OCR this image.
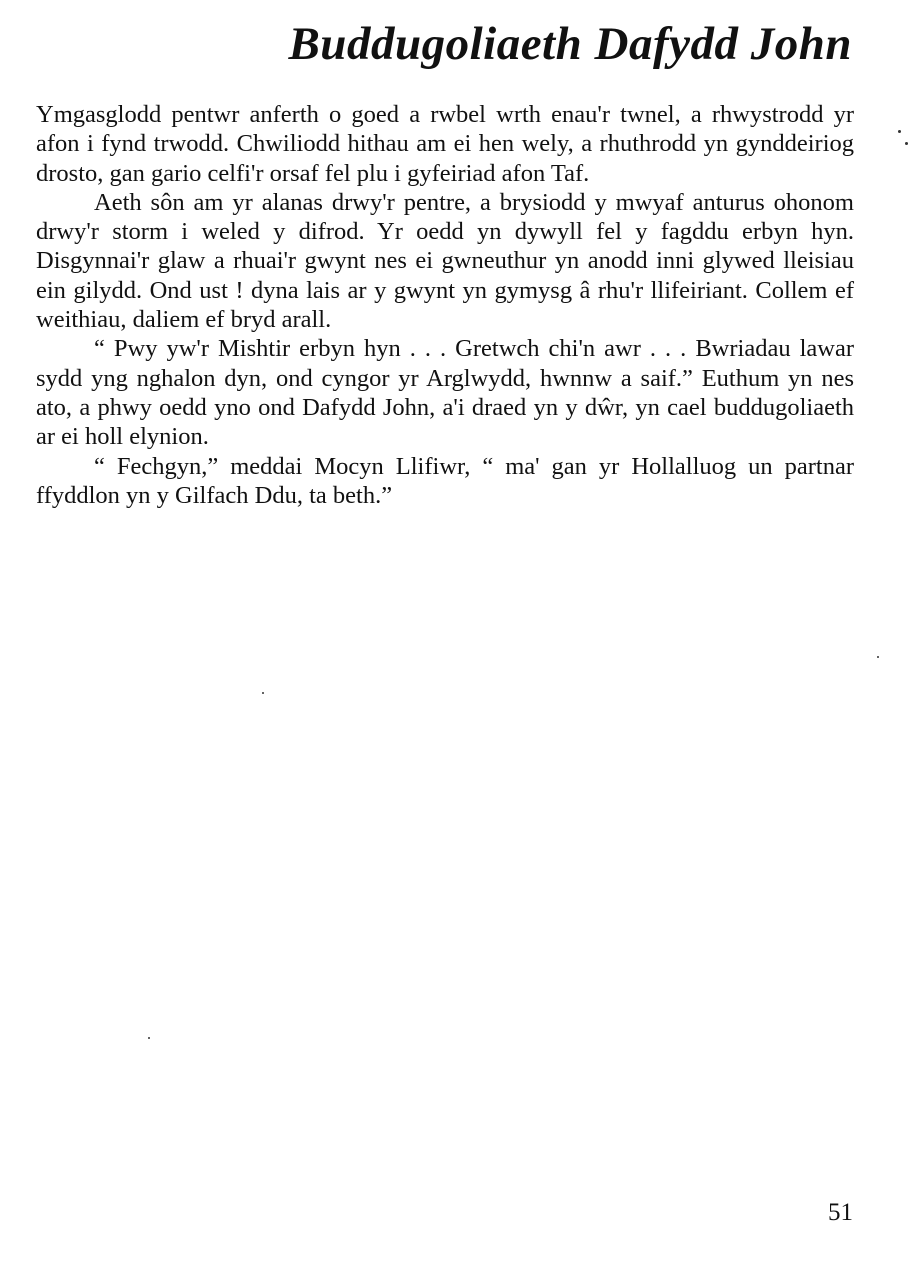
Buddugoliaeth Dafydd John

Ymgasglodd pentwr anferth o goed a rwbel wrth enau'r twnel, a rhwystrodd yr afon i fynd trwodd. Chwiliodd hithau am ei hen wely, a rhuthrodd yn gynddeiriog drosto, gan gario celfi'r orsaf fel plu i gyfeiriad afon Taf.

Aeth sôn am yr alanas drwy'r pentre, a brysiodd y mwyaf anturus ohonom drwy'r storm i weled y difrod. Yr oedd yn dywyll fel y fagddu erbyn hyn. Disgynnai'r glaw a rhuai'r gwynt nes ei gwneuthur yn anodd inni glywed lleisiau ein gilydd. Ond ust ! dyna lais ar y gwynt yn gymysg â rhu'r llifeiriant. Collem ef weithiau, daliem ef bryd arall.

“ Pwy yw'r Mishtir erbyn hyn . . . Gretwch chi'n awr . . . Bwriadau lawar sydd yng nghalon dyn, ond cyngor yr Arglwydd, hwnnw a saif.” Euthum yn nes ato, a phwy oedd yno ond Dafydd John, a'i draed yn y dŵr, yn cael buddugoliaeth ar ei holl elynion.

“ Fechgyn,” meddai Mocyn Llifiwr, “ ma' gan yr Hollalluog un partnar ffyddlon yn y Gilfach Ddu, ta beth.”

51
